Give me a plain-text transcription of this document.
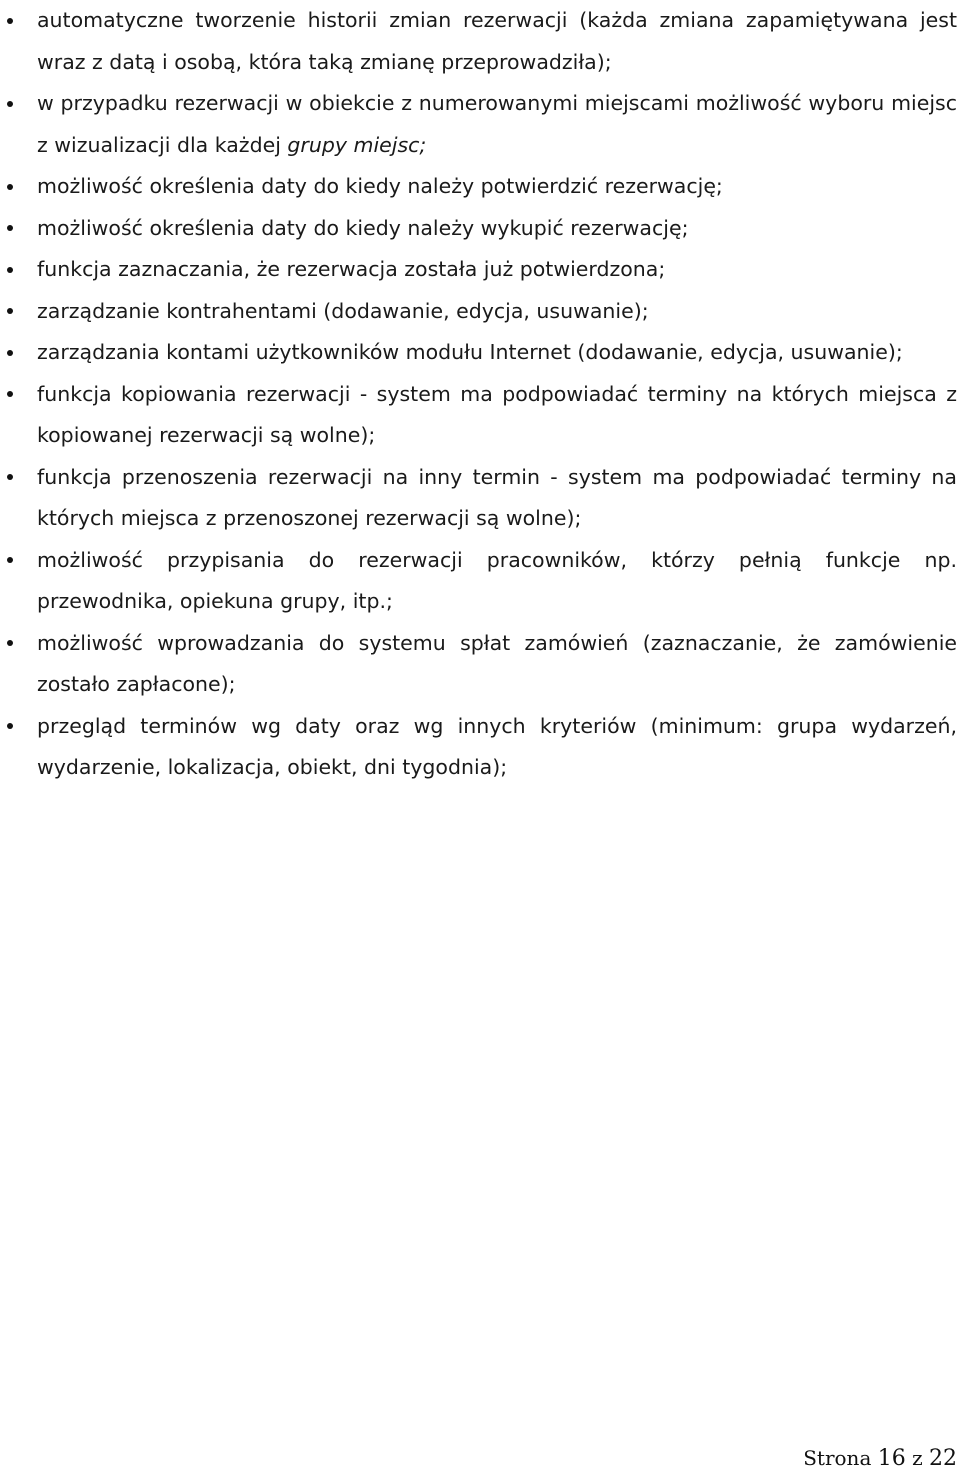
automatyczne tworzenie historii zmian rezerwacji (każda zmiana zapamiętywana jest wraz z datą i osobą, która taką zmianę przeprowadziła);
w przypadku rezerwacji w obiekcie z numerowanymi miejscami możliwość wyboru miejsc z wizualizacji dla każdej grupy miejsc;
możliwość określenia daty do kiedy należy potwierdzić rezerwację;
możliwość określenia daty do kiedy należy wykupić rezerwację;
funkcja zaznaczania, że rezerwacja została już potwierdzona;
zarządzanie kontrahentami (dodawanie, edycja, usuwanie);
zarządzania kontami użytkowników modułu Internet (dodawanie, edycja, usuwanie);
funkcja kopiowania rezerwacji - system ma podpowiadać terminy na których miejsca z kopiowanej rezerwacji są wolne);
funkcja przenoszenia rezerwacji na inny termin - system ma podpowiadać terminy na których miejsca z przenoszonej rezerwacji są wolne);
możliwość przypisania do rezerwacji pracowników, którzy pełnią funkcje np. przewodnika, opiekuna grupy, itp.;
możliwość wprowadzania do systemu spłat zamówień (zaznaczanie, że zamówienie zostało zapłacone);
przegląd terminów wg daty oraz wg innych kryteriów (minimum: grupa wydarzeń, wydarzenie, lokalizacja, obiekt, dni tygodnia);
Strona 16 z 22
